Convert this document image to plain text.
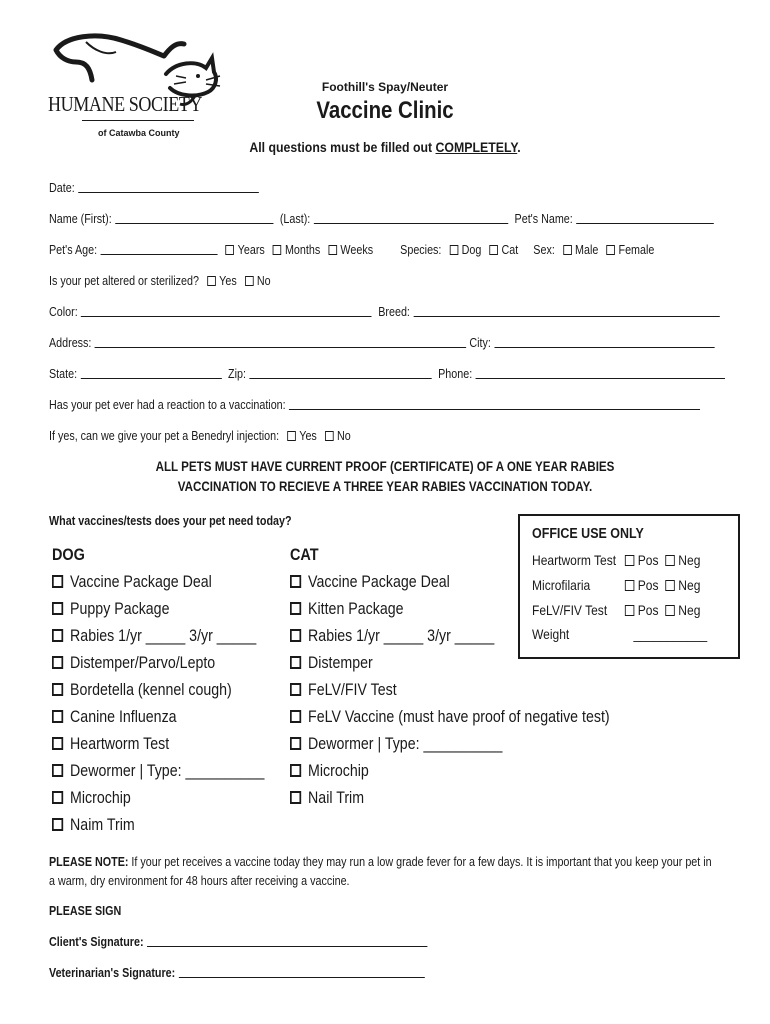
HUMANE SOCIETY
of Catawba County
Foothill's Spay/Neuter
Vaccine Clinic
All questions must be filled out COMPLETELY.
Date:
Name (First):	(Last):	Pet's Name:
Pet's Age:	Years Months Weeks Species: Dog Cat Sex: Male Female
Is your pet altered or sterilized? Yes No
Color:	Breed:
Address:	City:
State:	Zip:	Phone:
Has your pet ever had a reaction to a vaccination:
If yes, can we give your pet a Benedryl injection: Yes No
ALL PETS MUST HAVE CURRENT PROOF (CERTIFICATE) OF A ONE YEAR RABIES
VACCINATION TO RECIEVE A THREE YEAR RABIES VACCINATION TODAY.
What vaccines/tests does your pet need today?
DOG
Vaccine Package Deal
Puppy Package
Rabies 1/yr _____ 3/yr _____
Distemper/Parvo/Lepto
Bordetella (kennel cough)
Canine Influenza
Heartworm Test
Dewormer | Type: __________
Microchip
Naim Trim
CAT
Vaccine Package Deal
Kitten Package
Rabies 1/yr _____ 3/yr _____
Distemper
FeLV/FIV Test
FeLV Vaccine (must have proof of negative test)
Dewormer | Type: __________
Microchip
Nail Trim
OFFICE USE ONLY
Heartworm Test Pos Neg
Microfilaria	Pos Neg
FeLV/FIV Test Pos Neg
Weight	___________
PLEASE NOTE: If your pet receives a vaccine today they may run a low grade fever for a few days. It is important that you keep your pet in a warm, dry environment for 48 hours after receiving a vaccine.
PLEASE SIGN
Client's Signature:
Veterinarian's Signature:
